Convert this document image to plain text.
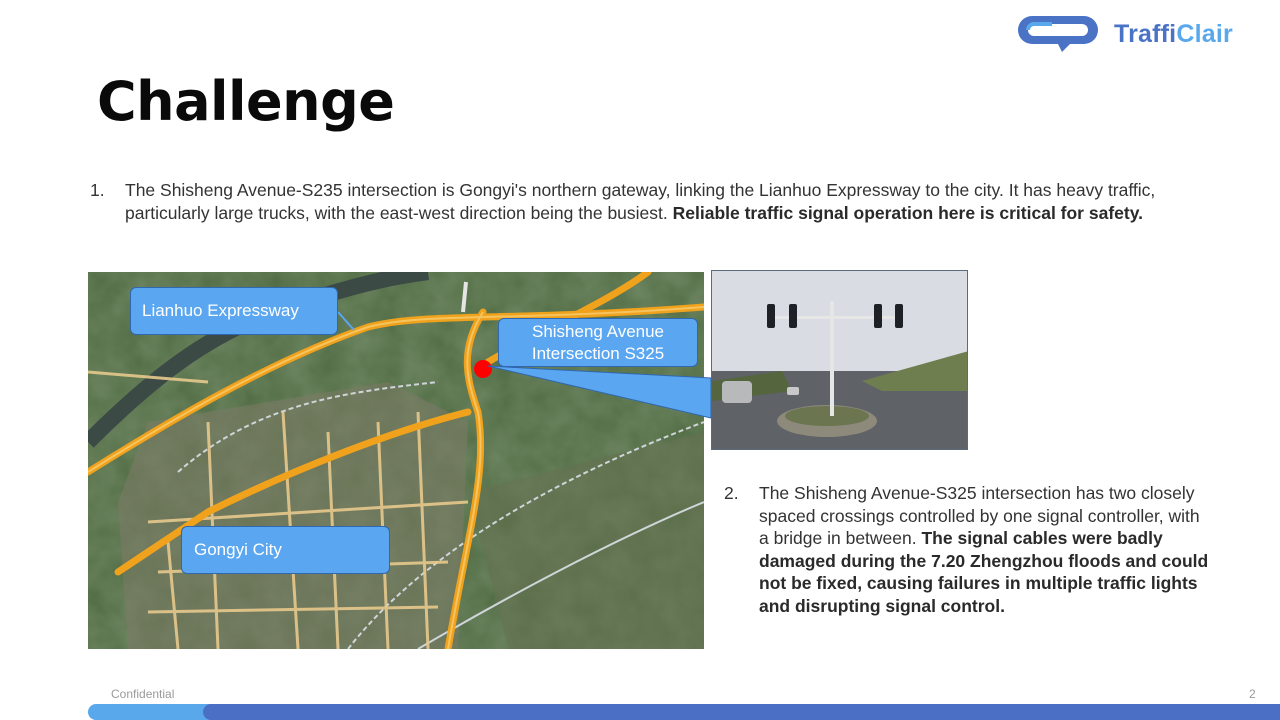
TraffiClair
Challenge
1. The Shisheng Avenue-S235 intersection is Gongyi's northern gateway, linking the Lianhuo Expressway to the city. It has heavy traffic, particularly large trucks, with the east-west direction being the busiest. Reliable traffic signal operation here is critical for safety.
Lianhuo Expressway
Shisheng Avenue Intersection S325
Gongyi City
2. The Shisheng Avenue-S325 intersection has two closely spaced crossings controlled by one signal controller, with a bridge in between. The signal cables were badly damaged during the 7.20 Zhengzhou floods and could not be fixed, causing failures in multiple traffic lights and disrupting signal control.
Confidential	2
